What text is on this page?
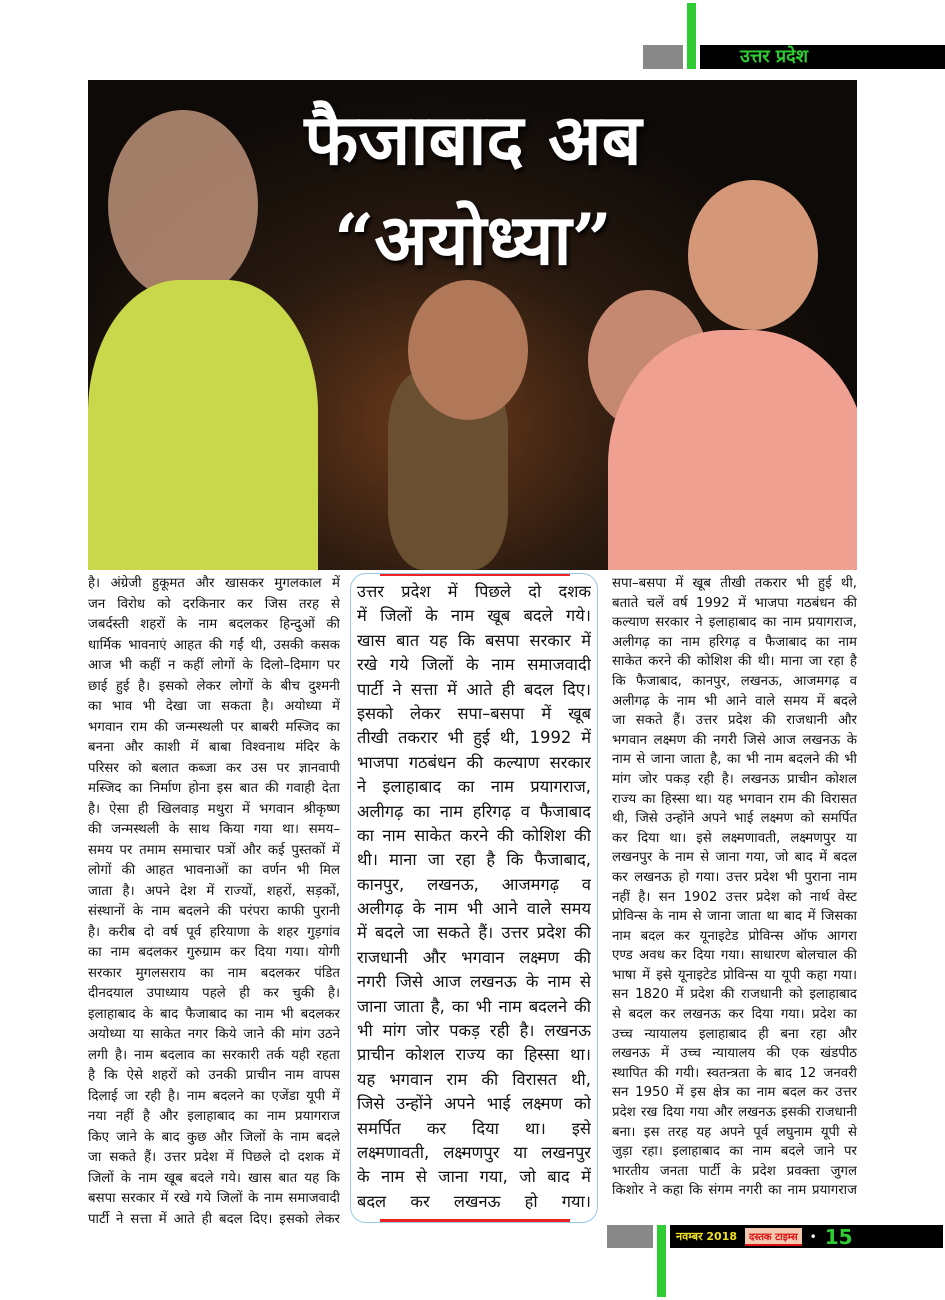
उत्तर प्रदेश
फैजाबाद अब
“अयोध्या”
है। अंग्रेजी हुकूमत और खासकर मुगलकाल में
जन विरोध को दरकिनार कर जिस तरह से
जबर्दस्ती शहरों के नाम बदलकर हिन्दुओं की
धार्मिक भावनाएं आहत की गईं थी, उसकी कसक
आज भी कहीं न कहीं लोगों के दिलो–दिमाग पर
छाई हुई है। इसको लेकर लोगों के बीच दुश्मनी
का भाव भी देखा जा सकता है। अयोध्या में
भगवान राम की जन्मस्थली पर बाबरी मस्जिद का
बनना और काशी में बाबा विश्वनाथ मंदिर के
परिसर को बलात कब्जा कर उस पर ज्ञानवापी
मस्जिद का निर्माण होना इस बात की गवाही देता
है। ऐसा ही खिलवाड़ मथुरा में भगवान श्रीकृष्ण
की जन्मस्थली के साथ किया गया था। समय–
समय पर तमाम समाचार पत्रों और कई पुस्तकों में
लोगों की आहत भावनाओं का वर्णन भी मिल
जाता है। अपने देश में राज्यों, शहरों, सड़कों,
संस्थानों के नाम बदलने की परंपरा काफी पुरानी
है। करीब दो वर्ष पूर्व हरियाणा के शहर गुड़गांव
का नाम बदलकर गुरुग्राम कर दिया गया। योगी
सरकार मुगलसराय का नाम बदलकर पंडित
दीनदयाल उपाध्याय पहले ही कर चुकी है।
इलाहाबाद के बाद फैजाबाद का नाम भी बदलकर
अयोध्या या साकेत नगर किये जाने की मांग उठने
लगी है। नाम बदलाव का सरकारी तर्क यही रहता
है कि ऐसे शहरों को उनकी प्राचीन नाम वापस
दिलाई जा रही है। नाम बदलने का एजेंडा यूपी में
नया नहीं है और इलाहाबाद का नाम प्रयागराज
किए जाने के बाद कुछ और जिलों के नाम बदले
जा सकते हैं। उत्तर प्रदेश में पिछले दो दशक में
जिलों के नाम खूब बदले गये। खास बात यह कि
बसपा सरकार में रखे गये जिलों के नाम समाजवादी
पार्टी ने सत्ता में आते ही बदल दिए। इसको लेकर
उत्तर प्रदेश में पिछले दो दशक
में जिलों के नाम खूब बदले गये।
खास बात यह कि बसपा सरकार में
रखे गये जिलों के नाम समाजवादी
पार्टी ने सत्ता में आते ही बदल दिए।
इसको लेकर सपा–बसपा में खूब
तीखी तकरार भी हुई थी, 1992 में
भाजपा गठबंधन की कल्याण सरकार
ने इलाहाबाद का नाम प्रयागराज,
अलीगढ़ का नाम हरिगढ़ व फैजाबाद
का नाम साकेत करने की कोशिश की
थी। माना जा रहा है कि फैजाबाद,
कानपुर, लखनऊ, आजमगढ़ व
अलीगढ़ के नाम भी आने वाले समय
में बदले जा सकते हैं। उत्तर प्रदेश की
राजधानी और भगवान लक्ष्मण की
नगरी जिसे आज लखनऊ के नाम से
जाना जाता है, का भी नाम बदलने की
भी मांग जोर पकड़ रही है। लखनऊ
प्राचीन कोशल राज्य का हिस्सा था।
यह भगवान राम की विरासत थी,
जिसे उन्होंने अपने भाई लक्ष्मण को
समर्पित कर दिया था। इसे
लक्ष्मणावती, लक्ष्मणपुर या लखनपुर
के नाम से जाना गया, जो बाद में
बदल कर लखनऊ हो गया।
सपा–बसपा में खूब तीखी तकरार भी हुई थी,
बताते चलें वर्ष 1992 में भाजपा गठबंधन की
कल्याण सरकार ने इलाहाबाद का नाम प्रयागराज,
अलीगढ़ का नाम हरिगढ़ व फैजाबाद का नाम
साकेत करने की कोशिश की थी। माना जा रहा है
कि फैजाबाद, कानपुर, लखनऊ, आजमगढ़ व
अलीगढ़ के नाम भी आने वाले समय में बदले
जा सकते हैं। उत्तर प्रदेश की राजधानी और
भगवान लक्ष्मण की नगरी जिसे आज लखनऊ के
नाम से जाना जाता है, का भी नाम बदलने की भी
मांग जोर पकड़ रही है। लखनऊ प्राचीन कोशल
राज्य का हिस्सा था। यह भगवान राम की विरासत
थी, जिसे उन्होंने अपने भाई लक्ष्मण को समर्पित
कर दिया था। इसे लक्ष्मणावती, लक्ष्मणपुर या
लखनपुर के नाम से जाना गया, जो बाद में बदल
कर लखनऊ हो गया। उत्तर प्रदेश भी पुराना नाम
नहीं है। सन 1902 उत्तर प्रदेश को नार्थ वेस्ट
प्रोविन्स के नाम से जाना जाता था बाद में जिसका
नाम बदल कर यूनाइटेड प्रोविन्स ऑफ आगरा
एण्ड अवध कर दिया गया। साधारण बोलचाल की
भाषा में इसे यूनाइटेड प्रोविन्स या यूपी कहा गया।
सन 1820 में प्रदेश की राजधानी को इलाहाबाद
से बदल कर लखनऊ कर दिया गया। प्रदेश का
उच्च न्यायालय इलाहाबाद ही बना रहा और
लखनऊ में उच्च न्यायालय की एक खंडपीठ
स्थापित की गयी। स्वतन्त्रता के बाद 12 जनवरी
सन 1950 में इस क्षेत्र का नाम बदल कर उत्तर
प्रदेश रख दिया गया और लखनऊ इसकी राजधानी
बना। इस तरह यह अपने पूर्व लघुनाम यूपी से
जुड़ा रहा। इलाहाबाद का नाम बदले जाने पर
भारतीय जनता पार्टी के प्रदेश प्रवक्ता जुगल
किशोर ने कहा कि संगम नगरी का नाम प्रयागराज
नवम्बर 2018	दस्तक टाइम्स	• 15
